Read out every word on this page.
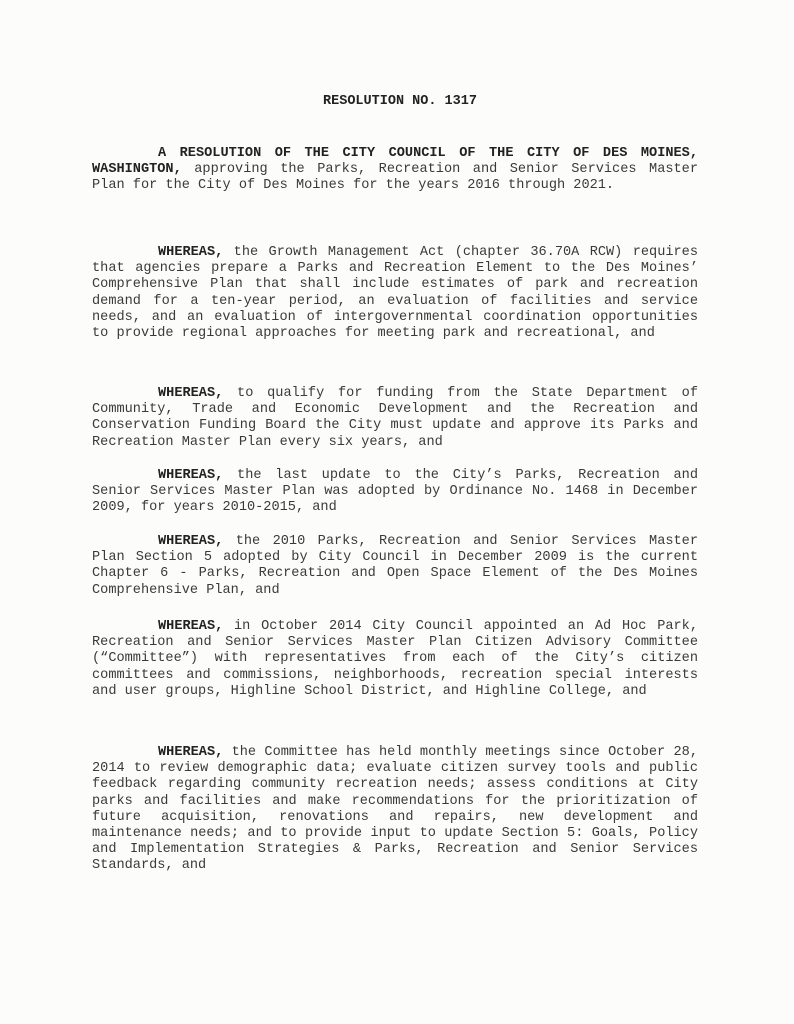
RESOLUTION NO. 1317

A RESOLUTION OF THE CITY COUNCIL OF THE CITY OF DES MOINES, WASHINGTON, approving the Parks, Recreation and Senior Services Master Plan for the City of Des Moines for the years 2016 through 2021.

WHEREAS, the Growth Management Act (chapter 36.70A RCW) requires that agencies prepare a Parks and Recreation Element to the Des Moines’ Comprehensive Plan that shall include estimates of park and recreation demand for a ten-year period, an evaluation of facilities and service needs, and an evaluation of intergovernmental coordination opportunities to provide regional approaches for meeting park and recreational, and

WHEREAS, to qualify for funding from the State Department of Community, Trade and Economic Development and the Recreation and Conservation Funding Board the City must update and approve its Parks and Recreation Master Plan every six years, and

WHEREAS, the last update to the City’s Parks, Recreation and Senior Services Master Plan was adopted by Ordinance No. 1468 in December 2009, for years 2010-2015, and

WHEREAS, the 2010 Parks, Recreation and Senior Services Master Plan Section 5 adopted by City Council in December 2009 is the current Chapter 6 - Parks, Recreation and Open Space Element of the Des Moines Comprehensive Plan, and

WHEREAS, in October 2014 City Council appointed an Ad Hoc Park, Recreation and Senior Services Master Plan Citizen Advisory Committee (“Committee”) with representatives from each of the City’s citizen committees and commissions, neighborhoods, recreation special interests and user groups, Highline School District, and Highline College, and

WHEREAS, the Committee has held monthly meetings since October 28, 2014 to review demographic data; evaluate citizen survey tools and public feedback regarding community recreation needs; assess conditions at City parks and facilities and make recommendations for the prioritization of future acquisition, renovations and repairs, new development and maintenance needs; and to provide input to update Section 5: Goals, Policy and Implementation Strategies & Parks, Recreation and Senior Services Standards, and
